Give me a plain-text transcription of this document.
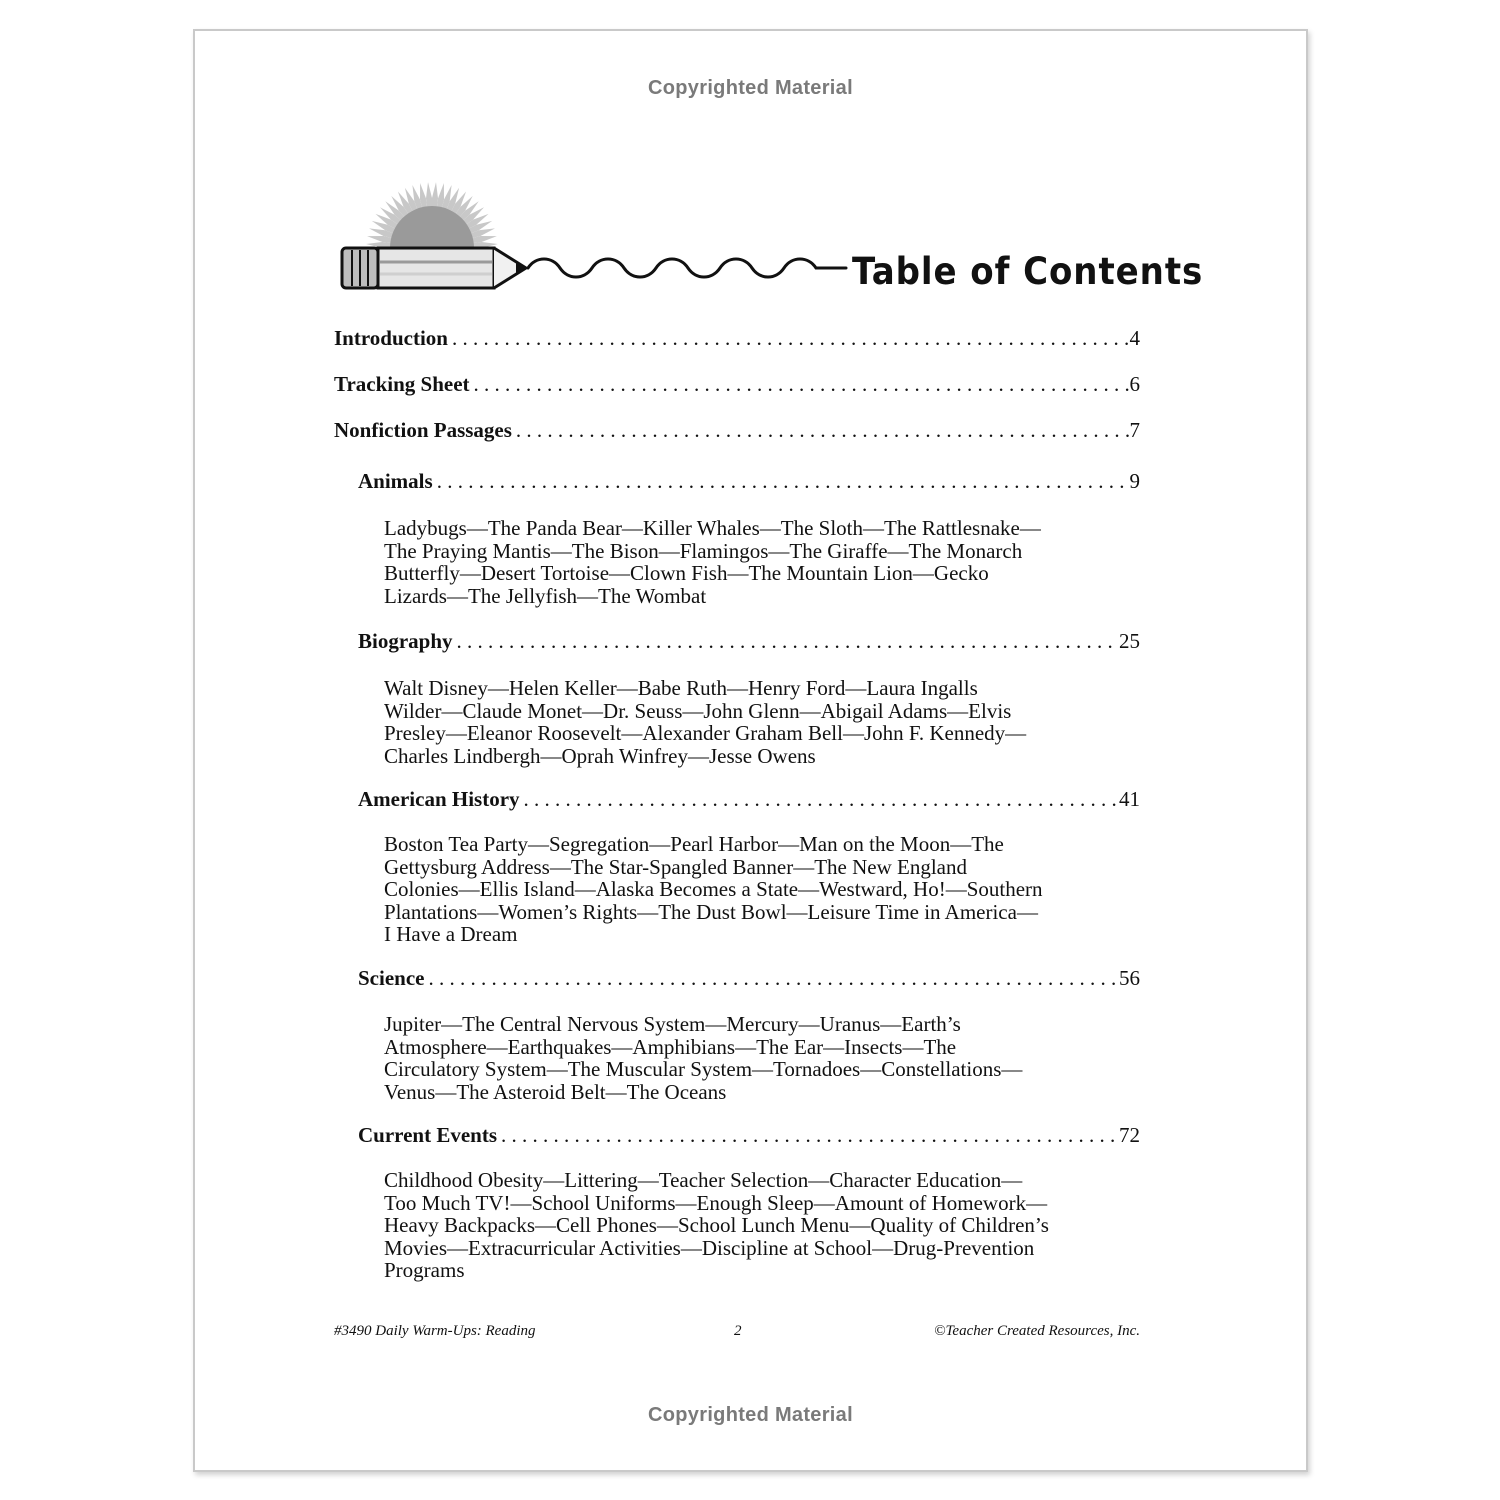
Copyrighted Material
Table of Contents
Introduction . . .	4
Tracking Sheet . . .	6
Nonfiction Passages . . .	7
Animals . . .	9
Ladybugs—The Panda Bear—Killer Whales—The Sloth—The Rattlesnake—
The Praying Mantis—The Bison—Flamingos—The Giraffe—The Monarch
Butterfly—Desert Tortoise—Clown Fish—The Mountain Lion—Gecko
Lizards—The Jellyfish—The Wombat
Biography . . .	25
Walt Disney—Helen Keller—Babe Ruth—Henry Ford—Laura Ingalls
Wilder—Claude Monet—Dr. Seuss—John Glenn—Abigail Adams—Elvis
Presley—Eleanor Roosevelt—Alexander Graham Bell—John F. Kennedy—
Charles Lindbergh—Oprah Winfrey—Jesse Owens
American History . . .	41
Boston Tea Party—Segregation—Pearl Harbor—Man on the Moon—The
Gettysburg Address—The Star-Spangled Banner—The New England
Colonies—Ellis Island—Alaska Becomes a State—Westward, Ho!—Southern
Plantations—Women’s Rights—The Dust Bowl—Leisure Time in America—
I Have a Dream
Science . . .	56
Jupiter—The Central Nervous System—Mercury—Uranus—Earth’s
Atmosphere—Earthquakes—Amphibians—The Ear—Insects—The
Circulatory System—The Muscular System—Tornadoes—Constellations—
Venus—The Asteroid Belt—The Oceans
Current Events . . .	72
Childhood Obesity—Littering—Teacher Selection—Character Education—
Too Much TV!—School Uniforms—Enough Sleep—Amount of Homework—
Heavy Backpacks—Cell Phones—School Lunch Menu—Quality of Children’s
Movies—Extracurricular Activities—Discipline at School—Drug-Prevention
Programs
#3490 Daily Warm-Ups: Reading	2	©Teacher Created Resources, Inc.
Copyrighted Material
